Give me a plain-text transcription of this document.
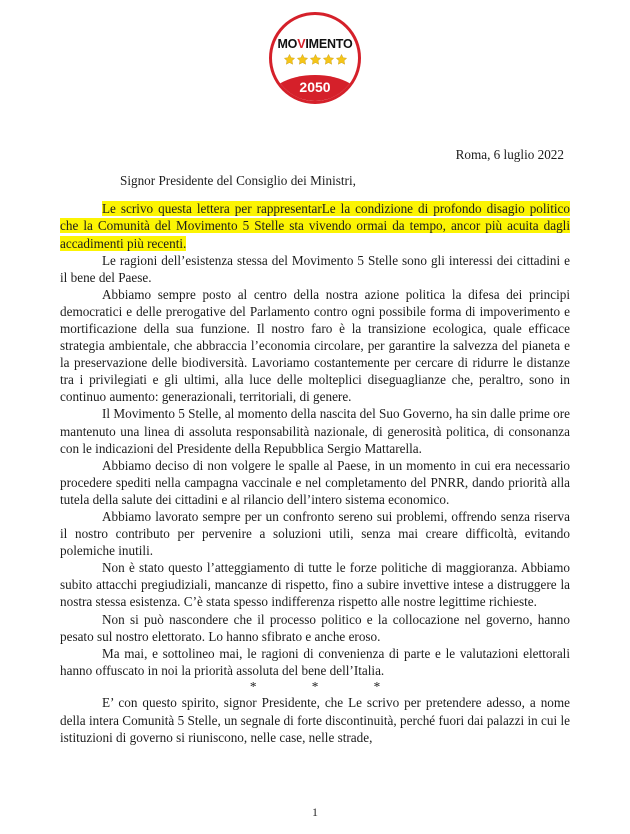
MOVIMENTO
2050
Roma, 6 luglio 2022
Signor Presidente del Consiglio dei Ministri,

Le scrivo questa lettera per rappresentarLe la condizione di profondo disagio politico che la Comunità del Movimento 5 Stelle sta vivendo ormai da tempo, ancor più acuita dagli accadimenti più recenti.

Le ragioni dell’esistenza stessa del Movimento 5 Stelle sono gli interessi dei cittadini e il bene del Paese.

Abbiamo sempre posto al centro della nostra azione politica la difesa dei principi democratici e delle prerogative del Parlamento contro ogni possibile forma di impoverimento e mortificazione della sua funzione. Il nostro faro è la transizione ecologica, quale efficace strategia ambientale, che abbraccia l’economia circolare, per garantire la salvezza del pianeta e la preservazione delle biodiversità. Lavoriamo costantemente per cercare di ridurre le distanze tra i privilegiati e gli ultimi, alla luce delle molteplici diseguaglianze che, peraltro, sono in continuo aumento: generazionali, territoriali, di genere.

Il Movimento 5 Stelle, al momento della nascita del Suo Governo, ha sin dalle prime ore mantenuto una linea di assoluta responsabilità nazionale, di generosità politica, di consonanza con le indicazioni del Presidente della Repubblica Sergio Mattarella.

Abbiamo deciso di non volgere le spalle al Paese, in un momento in cui era necessario procedere spediti nella campagna vaccinale e nel completamento del PNRR, dando priorità alla tutela della salute dei cittadini e al rilancio dell’intero sistema economico.

Abbiamo lavorato sempre per un confronto sereno sui problemi, offrendo senza riserva il nostro contributo per pervenire a soluzioni utili, senza mai creare difficoltà, evitando polemiche inutili.

Non è stato questo l’atteggiamento di tutte le forze politiche di maggioranza. Abbiamo subito attacchi pregiudiziali, mancanze di rispetto, fino a subire invettive intese a distruggere la nostra stessa esistenza. C’è stata spesso indifferenza rispetto alle nostre legittime richieste.

Non si può nascondere che il processo politico e la collocazione nel governo, hanno pesato sul nostro elettorato. Lo hanno sfibrato e anche eroso.

Ma mai, e sottolineo mai, le ragioni di convenienza di parte e le valutazioni elettorali hanno offuscato in noi la priorità assoluta del bene dell’Italia.

* * *

E’ con questo spirito, signor Presidente, che Le scrivo per pretendere adesso, a nome della intera Comunità 5 Stelle, un segnale di forte discontinuità, perché fuori dai palazzi in cui le istituzioni di governo si riuniscono, nelle case, nelle strade,

1
